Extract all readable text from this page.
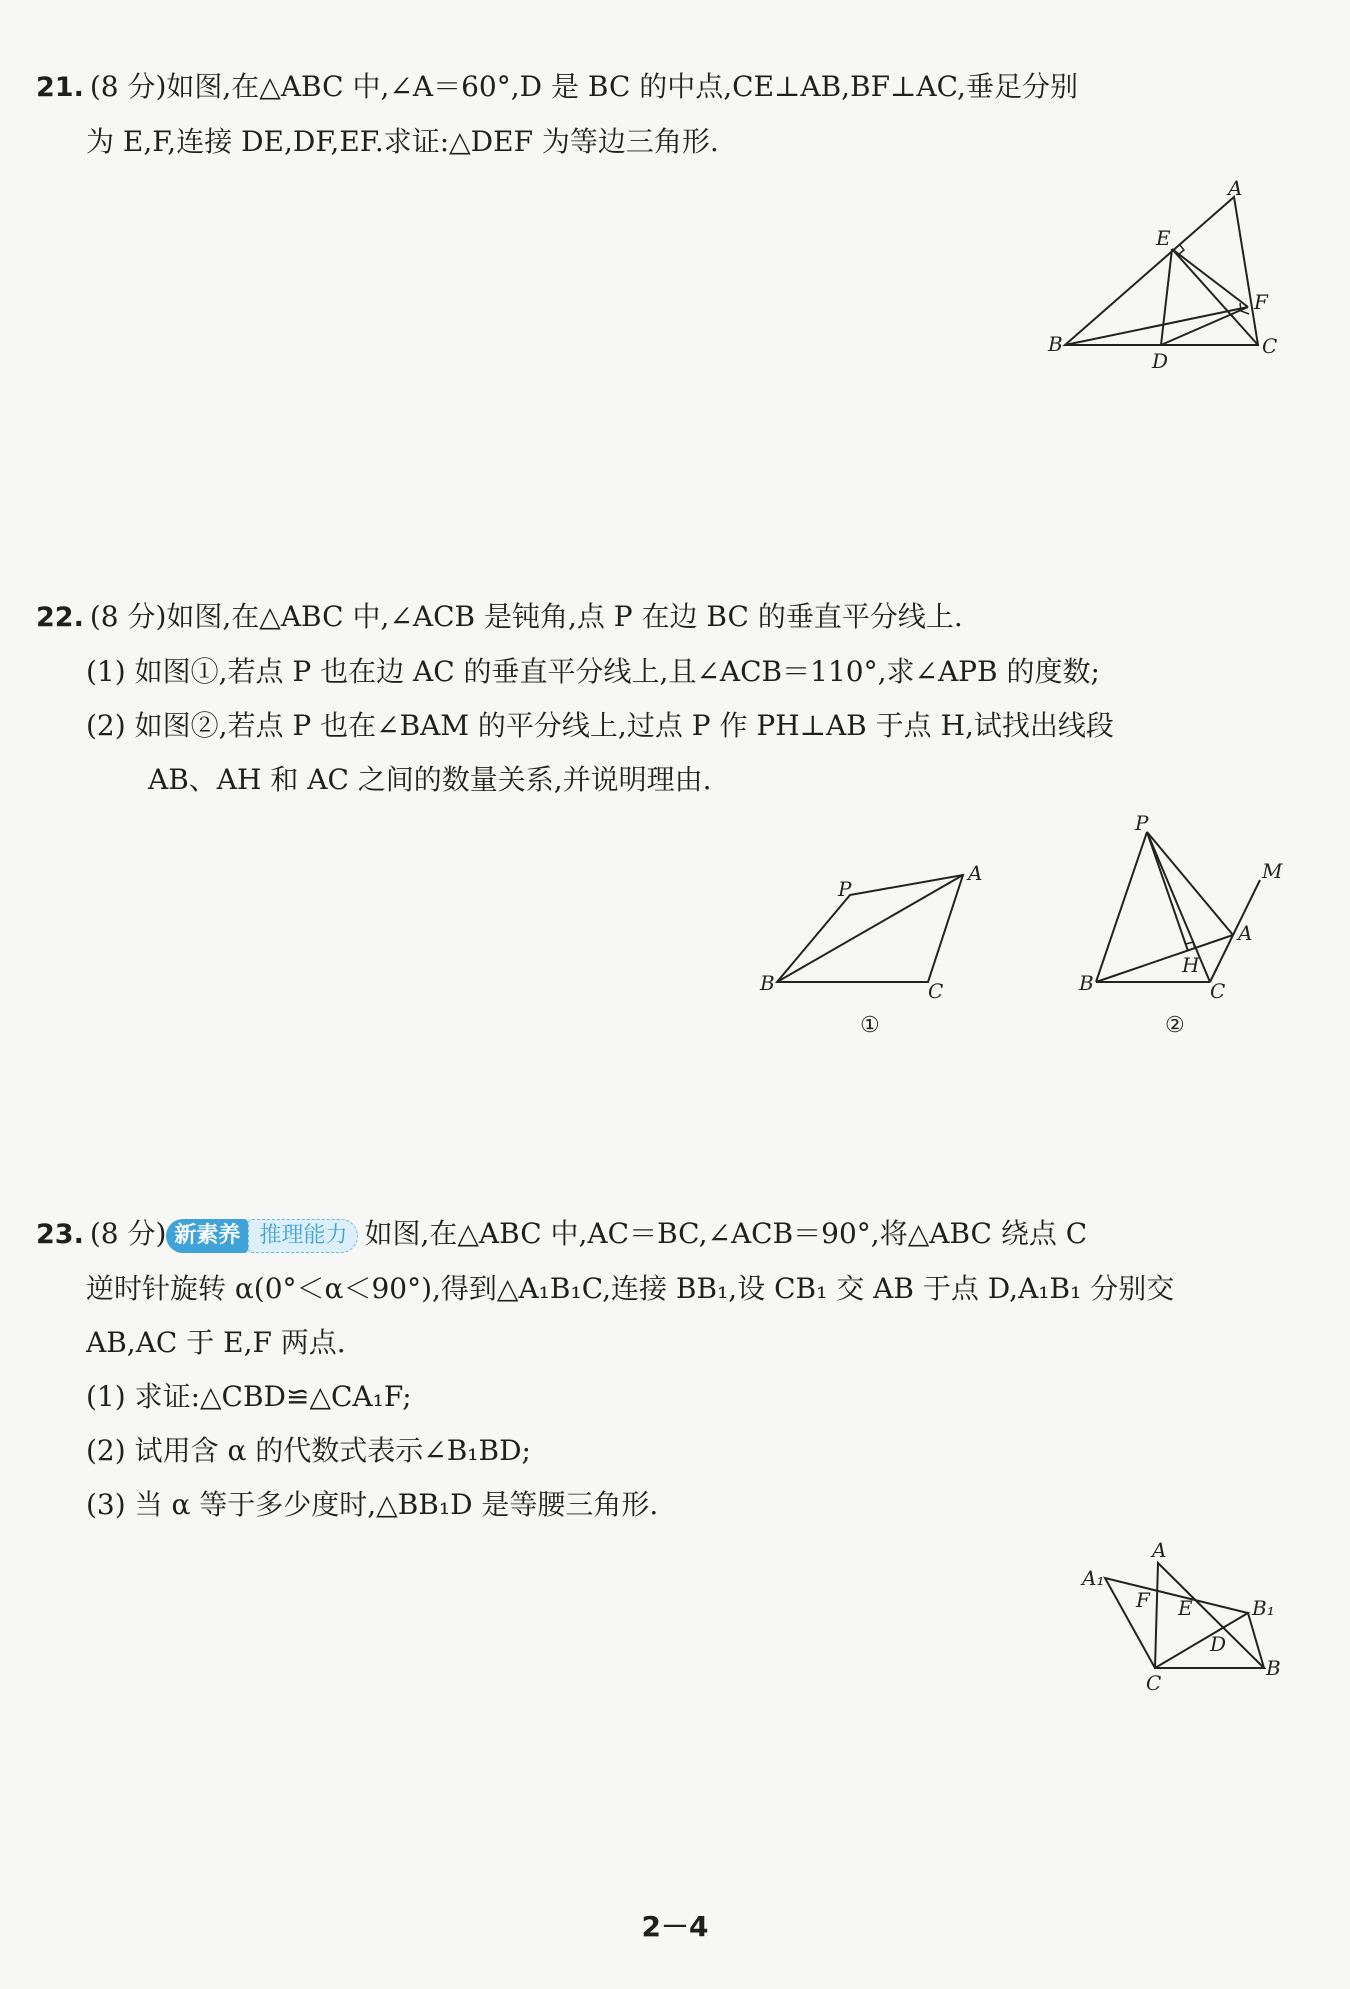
21. (8 分)如图,在△ABC 中,∠A＝60°,D 是 BC 的中点,CE⊥AB,BF⊥AC,垂足分别
为 E,F,连接 DE,DF,EF.求证:△DEF 为等边三角形.
A
B	C
D
E
F
22. (8 分)如图,在△ABC 中,∠ACB 是钝角,点 P 在边 BC 的垂直平分线上.
(1) 如图①,若点 P 也在边 AC 的垂直平分线上,且∠ACB＝110°,求∠APB 的度数;
(2) 如图②,若点 P 也在∠BAM 的平分线上,过点 P 作 PH⊥AB 于点 H,试找出线段
AB、AH 和 AC 之间的数量关系,并说明理由.
P
A
B	C
①
P
M
A
H
B	C
②
23. (8 分) 新素养 推理能力 如图,在△ABC 中,AC＝BC,∠ACB＝90°,将△ABC 绕点 C
逆时针旋转 α(0°＜α＜90°),得到△A₁B₁C,连接 BB₁,设 CB₁ 交 AB 于点 D,A₁B₁ 分别交
AB,AC 于 E,F 两点.
(1) 求证:△CBD≌△CA₁F;
(2) 试用含 α 的代数式表示∠B₁BD;
(3) 当 α 等于多少度时,△BB₁D 是等腰三角形.
A₁
A
F E	B₁
D
C
B
2－4
